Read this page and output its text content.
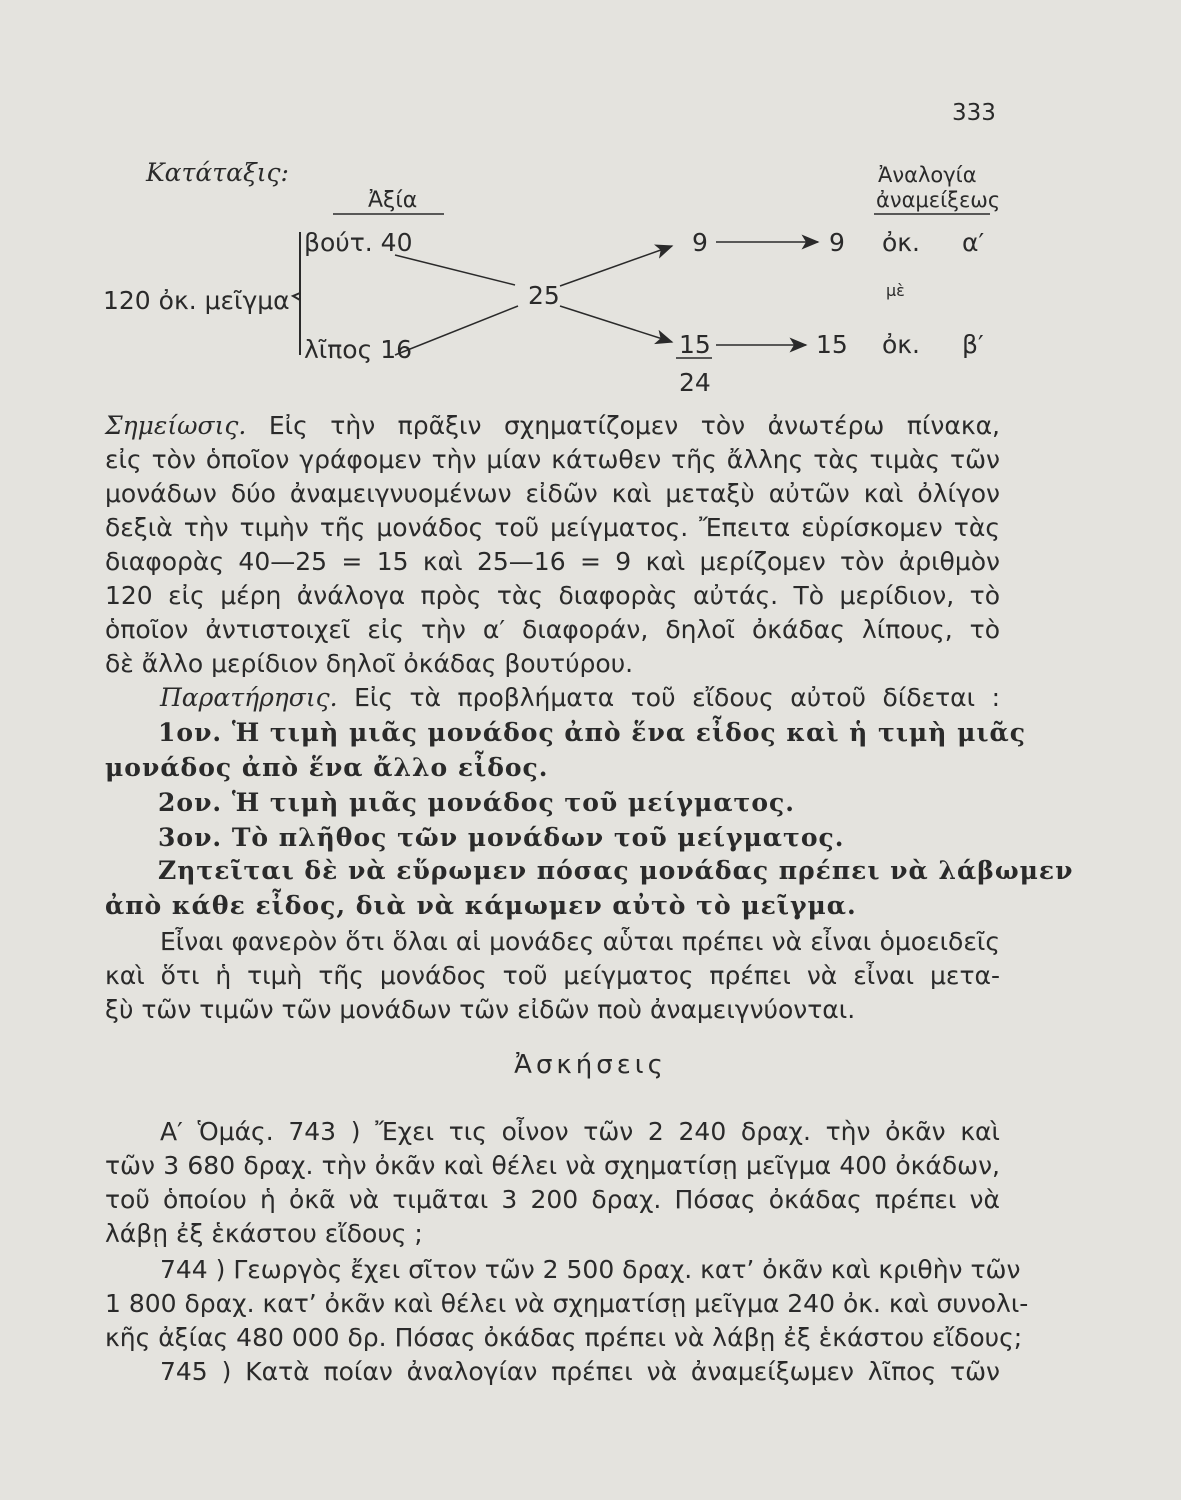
333
Κατάταξις:
Ἀξία
Ἀναλογία
ἀναμείξεως
120 ὀκ. μεῖγμα
βούτ. 40
λῖπος 16
25
9
15
24
9
15
ὀκ.
ὀκ.
α′
β′
μὲ
Σημείωσις. Εἰς τὴν πρᾶξιν σχηματίζομεν τὸν ἀνωτέρω πίνακα,
εἰς τὸν ὁποῖον γράφομεν τὴν μίαν κάτωθεν τῆς ἄλλης τὰς τιμὰς τῶν
μονάδων δύο ἀναμειγνυομένων εἰδῶν καὶ μεταξὺ αὐτῶν καὶ ὀλίγον
δεξιὰ τὴν τιμὴν τῆς μονάδος τοῦ μείγματος. Ἔπειτα εὑρίσκομεν τὰς
διαφορὰς 40—25 = 15 καὶ 25—16 = 9 καὶ μερίζομεν τὸν ἀριθμὸν
120 εἰς μέρη ἀνάλογα πρὸς τὰς διαφορὰς αὐτάς. Τὸ μερίδιον, τὸ
ὁποῖον ἀντιστοιχεῖ εἰς τὴν α′ διαφοράν, δηλοῖ ὀκάδας λίπους, τὸ
δὲ ἄλλο μερίδιον δηλοῖ ὀκάδας βουτύρου.
Παρατήρησις. Εἰς τὰ προβλήματα τοῦ εἴδους αὐτοῦ δίδεται :
1ον. Ἡ τιμὴ μιᾶς μονάδος ἀπὸ ἕνα εἶδος καὶ ἡ τιμὴ μιᾶς
μονάδος ἀπὸ ἕνα ἄλλο εἶδος.
2ον. Ἡ τιμὴ μιᾶς μονάδος τοῦ μείγματος.
3ον. Τὸ πλῆθος τῶν μονάδων τοῦ μείγματος.
Ζητεῖται δὲ νὰ εὕρωμεν πόσας μονάδας πρέπει νὰ λάβωμεν
ἀπὸ κάθε εἶδος, διὰ νὰ κάμωμεν αὐτὸ τὸ μεῖγμα.
Εἶναι φανερὸν ὅτι ὅλαι αἱ μονάδες αὗται πρέπει νὰ εἶναι ὁμοειδεῖς
καὶ ὅτι ἡ τιμὴ τῆς μονάδος τοῦ μείγματος πρέπει νὰ εἶναι μετα-
ξὺ τῶν τιμῶν τῶν μονάδων τῶν εἰδῶν ποὺ ἀναμειγνύονται.
Ἀσκήσεις
Α′ Ὁμάς. 743 ) Ἔχει τις οἶνον τῶν 2 240 δραχ. τὴν ὀκᾶν καὶ
τῶν 3 680 δραχ. τὴν ὀκᾶν καὶ θέλει νὰ σχηματίσῃ μεῖγμα 400 ὀκάδων,
τοῦ ὁποίου ἡ ὀκᾶ νὰ τιμᾶται 3 200 δραχ. Πόσας ὀκάδας πρέπει νὰ
λάβῃ ἐξ ἑκάστου εἴδους ;
744 ) Γεωργὸς ἔχει σῖτον τῶν 2 500 δραχ. κατ’ ὀκᾶν καὶ κριθὴν τῶν
1 800 δραχ. κατ’ ὀκᾶν καὶ θέλει νὰ σχηματίσῃ μεῖγμα 240 ὀκ. καὶ συνολι-
κῆς ἀξίας 480 000 δρ. Πόσας ὀκάδας πρέπει νὰ λάβῃ ἐξ ἑκάστου εἴδους;
745 ) Κατὰ ποίαν ἀναλογίαν πρέπει νὰ ἀναμείξωμεν λῖπος τῶν
